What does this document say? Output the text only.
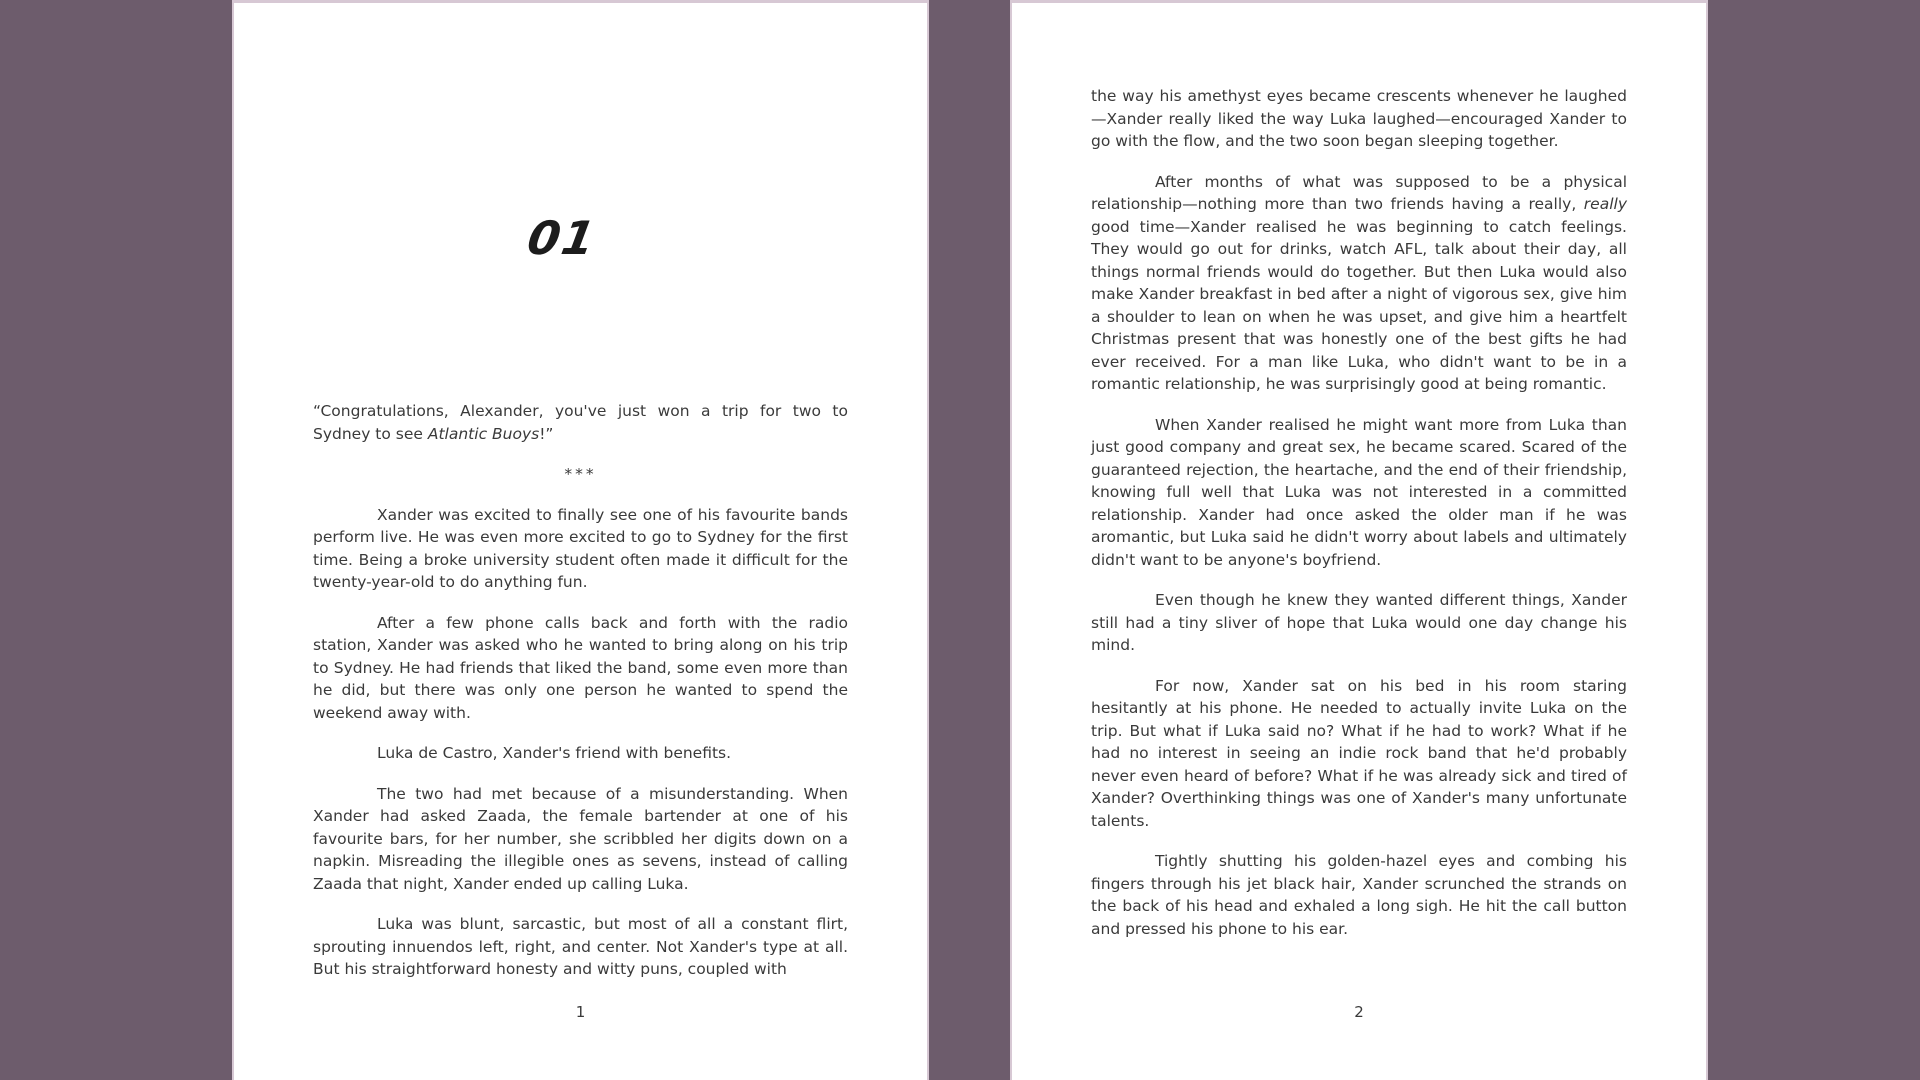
01

“Congratulations, Alexander, you've just won a trip for two to Sydney to see Atlantic Buoys!”

***

Xander was excited to finally see one of his favourite bands perform live. He was even more excited to go to Sydney for the first time. Being a broke university student often made it difficult for the twenty-year-old to do anything fun.

After a few phone calls back and forth with the radio station, Xander was asked who he wanted to bring along on his trip to Sydney. He had friends that liked the band, some even more than he did, but there was only one person he wanted to spend the weekend away with.

Luka de Castro, Xander's friend with benefits.

The two had met because of a misunderstanding. When Xander had asked Zaada, the female bartender at one of his favourite bars, for her number, she scribbled her digits down on a napkin. Misreading the illegible ones as sevens, instead of calling Zaada that night, Xander ended up calling Luka.

Luka was blunt, sarcastic, but most of all a constant flirt, sprouting innuendos left, right, and center. Not Xander's type at all. But his straightforward honesty and witty puns, coupled with

1

the way his amethyst eyes became crescents whenever he laughed—Xander really liked the way Luka laughed—encouraged Xander to go with the flow, and the two soon began sleeping together.

After months of what was supposed to be a physical relationship—nothing more than two friends having a really, really good time—Xander realised he was beginning to catch feelings. They would go out for drinks, watch AFL, talk about their day, all things normal friends would do together. But then Luka would also make Xander breakfast in bed after a night of vigorous sex, give him a shoulder to lean on when he was upset, and give him a heartfelt Christmas present that was honestly one of the best gifts he had ever received. For a man like Luka, who didn't want to be in a romantic relationship, he was surprisingly good at being romantic.

When Xander realised he might want more from Luka than just good company and great sex, he became scared. Scared of the guaranteed rejection, the heartache, and the end of their friendship, knowing full well that Luka was not interested in a committed relationship. Xander had once asked the older man if he was aromantic, but Luka said he didn't worry about labels and ultimately didn't want to be anyone's boyfriend.

Even though he knew they wanted different things, Xander still had a tiny sliver of hope that Luka would one day change his mind.

For now, Xander sat on his bed in his room staring hesitantly at his phone. He needed to actually invite Luka on the trip. But what if Luka said no? What if he had to work? What if he had no interest in seeing an indie rock band that he'd probably never even heard of before? What if he was already sick and tired of Xander? Overthinking things was one of Xander's many unfortunate talents.

Tightly shutting his golden-hazel eyes and combing his fingers through his jet black hair, Xander scrunched the strands on the back of his head and exhaled a long sigh. He hit the call button and pressed his phone to his ear.

2
